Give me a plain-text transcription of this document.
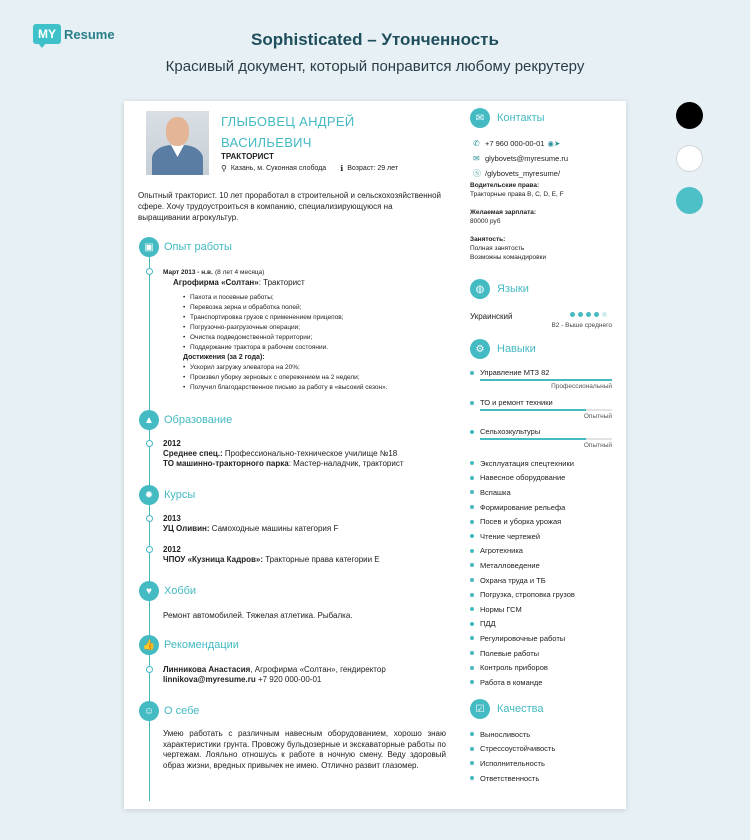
MY Resume	Sophisticated – Утонченность
Красивый документ, который понравится любому рекрутеру
ГЛЫБОВЕЦ АНДРЕЙ
ВАСИЛЬЕВИЧ
ТРАКТОРИСТ
⚲ Казань, м. Суконная слобода ℹ Возраст: 29 лет
Опытный тракторист. 10 лет проработал в строительной и сельскохозяйственной сфере. Хочу трудоустроиться в компанию, специализирующуюся на выращивании агрокультур.
▣ Опыт работы
Март 2013 - н.в. (8 лет 4 месяца)
Агрофирма «Солтан»: Тракторист
• Пахота и посевные работы;
• Перевозка зерна и обработка полей;
• Транспортировка грузов с применением прицепов;
• Погрузочно-разгрузочные операции;
• Очистка подведомственной территории;
• Поддержание трактора в рабочем состоянии.
Достижения (за 2 года):
• Ускорил загрузку элеватора на 20%;
• Произвел уборку зерновых с опережением на 2 недели;
• Получил благодарственное письмо за работу в «высокий сезон».
▲ Образование
2012
Среднее спец.: Профессионально-техническое училище №18
ТО машинно-тракторного парка: Мастер-наладчик, тракторист
✹ Курсы
2013
УЦ Оливин: Самоходные машины категория F
2012
ЧПОУ «Кузница Кадров»: Тракторные права категории E
♥	Хобби
Ремонт автомобилей. Тяжелая атлетика. Рыбалка.
👍 Рекомендации
Линникова Анастасия, Агрофирма «Солтан», гендиректор
linnikova@myresume.ru +7 920 000-00-01
☺ О себе
Умею работать с различным навесным оборудованием, хорошо знаю характеристики грунта. Провожу бульдозерные и экскаваторные работы по чертежам. Лояльно отношусь к работе в ночную смену. Веду здоровый образ жизни, вредных привычек не имею. Отлично развит глазомер.
✉	Контакты
✆ +7 960 000-00-01 ◉➤
✉ glybovets@myresume.ru
Ⓢ /glybovets_myresume/
Водительские права:
Тракторные права B, C, D, E, F
Желаемая зарплата:
80000 руб
Занятость:
Полная занятость
Возможны командировки
◍	Языки
Украинский
B2 - Выше среднего
⚙	Навыки
Управление МТЗ 82
Профессиональный
ТО и ремонт техники
Опытный
Сельхозкультуры
Опытный
Эксплуатация спецтехники
Навесное оборудование
Вспашка
Формирование рельефа
Посев и уборка урожая
Чтение чертежей
Агротехника
Металловедение
Охрана труда и ТБ
Погрузка, строповка грузов
Нормы ГСМ
ПДД
Регулировочные работы
Полевые работы
Контроль приборов
Работа в команде
☑	Качества
Выносливость
Стрессоустойчивость
Исполнительность
Ответственность
